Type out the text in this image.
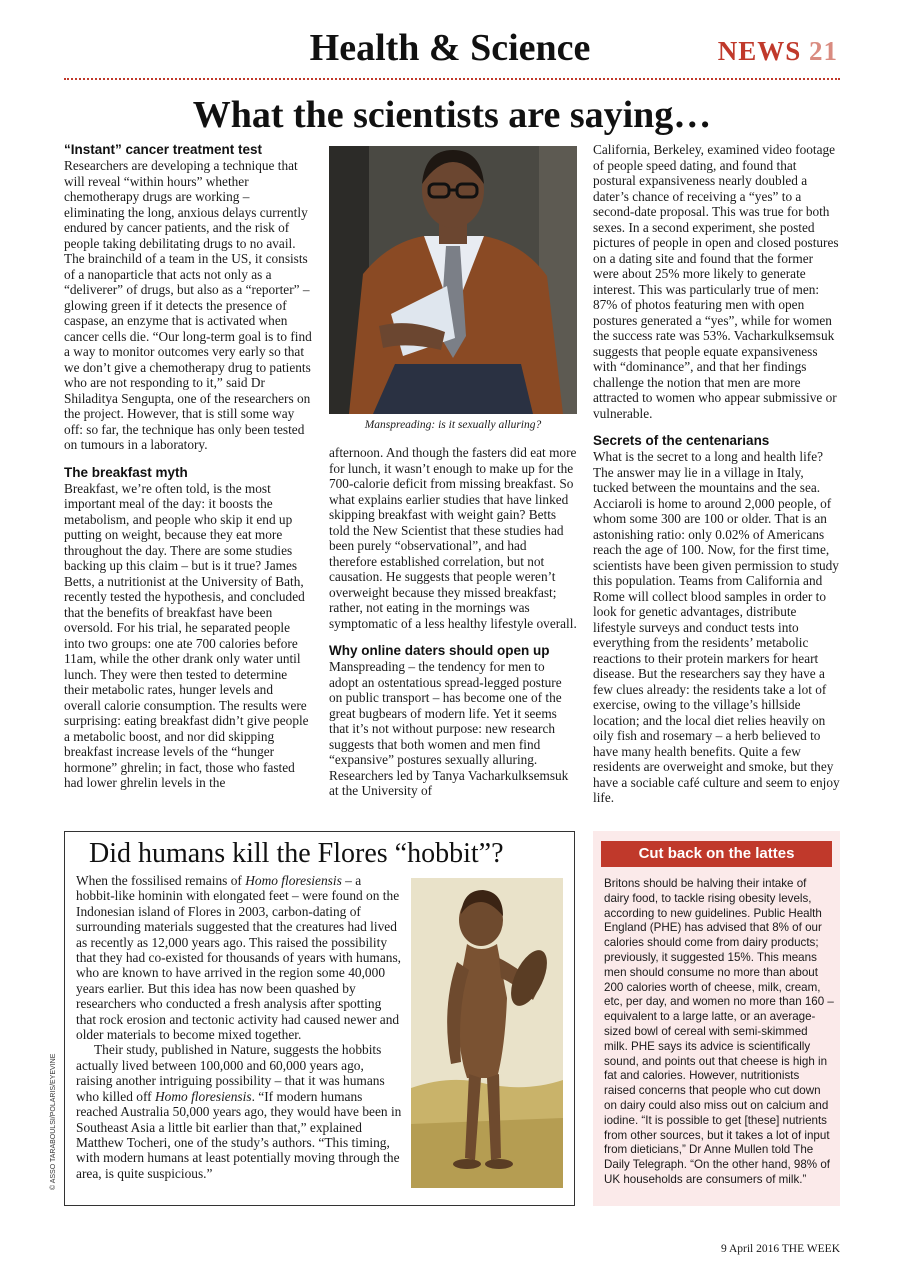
Health & Science	NEWS 21
What the scientists are saying…
“Instant” cancer treatment test

Researchers are developing a technique that will reveal “within hours” whether chemotherapy drugs are working – eliminating the long, anxious delays currently endured by cancer patients, and the risk of people taking debilitating drugs to no avail. The brainchild of a team in the US, it consists of a nanoparticle that acts not only as a “deliverer” of drugs, but also as a “reporter” – glowing green if it detects the presence of caspase, an enzyme that is activated when cancer cells die. “Our long-term goal is to find a way to monitor outcomes very early so that we don’t give a chemotherapy drug to patients who are not responding to it,” said Dr Shiladitya Sengupta, one of the researchers on the project. However, that is still some way off: so far, the technique has only been tested on tumours in a laboratory.

The breakfast myth

Breakfast, we’re often told, is the most important meal of the day: it boosts the metabolism, and people who skip it end up putting on weight, because they eat more throughout the day. There are some studies backing up this claim – but is it true? James Betts, a nutritionist at the University of Bath, recently tested the hypothesis, and concluded that the benefits of breakfast have been oversold. For his trial, he separated people into two groups: one ate 700 calories before 11am, while the other drank only water until lunch. They were then tested to determine their metabolic rates, hunger levels and overall calorie consumption. The results were surprising: eating breakfast didn’t give people a metabolic boost, and nor did skipping breakfast increase levels of the “hunger hormone” ghrelin; in fact, those who fasted had lower ghrelin levels in the

Manspreading: is it sexually alluring?

afternoon. And though the fasters did eat more for lunch, it wasn’t enough to make up for the 700-calorie deficit from missing breakfast. So what explains earlier studies that have linked skipping breakfast with weight gain? Betts told the New Scientist that these studies had been purely “observational”, and had therefore established correlation, but not causation. He suggests that people weren’t overweight because they missed breakfast; rather, not eating in the mornings was symptomatic of a less healthy lifestyle overall.

Why online daters should open up

Manspreading – the tendency for men to adopt an ostentatious spread-legged posture on public transport – has become one of the great bugbears of modern life. Yet it seems that it’s not without purpose: new research suggests that both women and men find “expansive” postures sexually alluring. Researchers led by Tanya Vacharkulksemsuk at the University of

California, Berkeley, examined video footage of people speed dating, and found that postural expansiveness nearly doubled a dater’s chance of receiving a “yes” to a second-date proposal. This was true for both sexes. In a second experiment, she posted pictures of people in open and closed postures on a dating site and found that the former were about 25% more likely to generate interest. This was particularly true of men: 87% of photos featuring men with open postures generated a “yes”, while for women the success rate was 53%. Vacharkulksemsuk suggests that people equate expansiveness with “dominance”, and that her findings challenge the notion that men are more attracted to women who appear submissive or vulnerable.

Secrets of the centenarians

What is the secret to a long and health life? The answer may lie in a village in Italy, tucked between the mountains and the sea. Acciaroli is home to around 2,000 people, of whom some 300 are 100 or older. That is an astonishing ratio: only 0.02% of Americans reach the age of 100. Now, for the first time, scientists have been given permission to study this population. Teams from California and Rome will collect blood samples in order to look for genetic advantages, distribute lifestyle surveys and conduct tests into everything from the residents’ metabolic reactions to their protein markers for heart disease. But the researchers say they have a few clues already: the residents take a lot of exercise, owing to the village’s hillside location; and the local diet relies heavily on oily fish and rosemary – a herb believed to have many health benefits. Quite a few residents are overweight and smoke, but they have a sociable café culture and seem to enjoy life.

Did humans kill the Flores “hobbit”?

When the fossilised remains of Homo floresiensis – a hobbit-like hominin with elongated feet – were found on the Indonesian island of Flores in 2003, carbon-dating of surrounding materials suggested that the creatures had lived as recently as 12,000 years ago. This raised the possibility that they had co-existed for thousands of years with humans, who are known to have arrived in the region some 40,000 years earlier. But this idea has now been quashed by researchers who conducted a fresh analysis after spotting that rock erosion and tectonic activity had caused newer and older materials to become mixed together.

Their study, published in Nature, suggests the hobbits actually lived between 100,000 and 60,000 years ago, raising another intriguing possibility – that it was humans who killed off Homo floresiensis. “If modern humans reached Australia 50,000 years ago, they would have been in Southeast Asia a little bit earlier than that,” explained Matthew Tocheri, one of the study’s authors. “This timing, with modern humans at least potentially moving through the area, is quite suspicious.”

Cut back on the lattes

Britons should be halving their intake of dairy food, to tackle rising obesity levels, according to new guidelines. Public Health England (PHE) has advised that 8% of our calories should come from dairy products; previously, it suggested 15%. This means men should consume no more than about 200 calories worth of cheese, milk, cream, etc, per day, and women no more than 160 – equivalent to a large latte, or an average-sized bowl of cereal with semi-skimmed milk. PHE says its advice is scientifically sound, and points out that cheese is high in fat and calories. However, nutritionists raised concerns that people who cut down on dairy could also miss out on calcium and iodine. “It is possible to get [these] nutrients from other sources, but it takes a lot of input from dieticians,” Dr Anne Mullen told The Daily Telegraph. “On the other hand, 98% of UK households are consumers of milk.”

© ASSO TARABOULSI/POLARIS/EYEVINE
9 April 2016 THE WEEK
